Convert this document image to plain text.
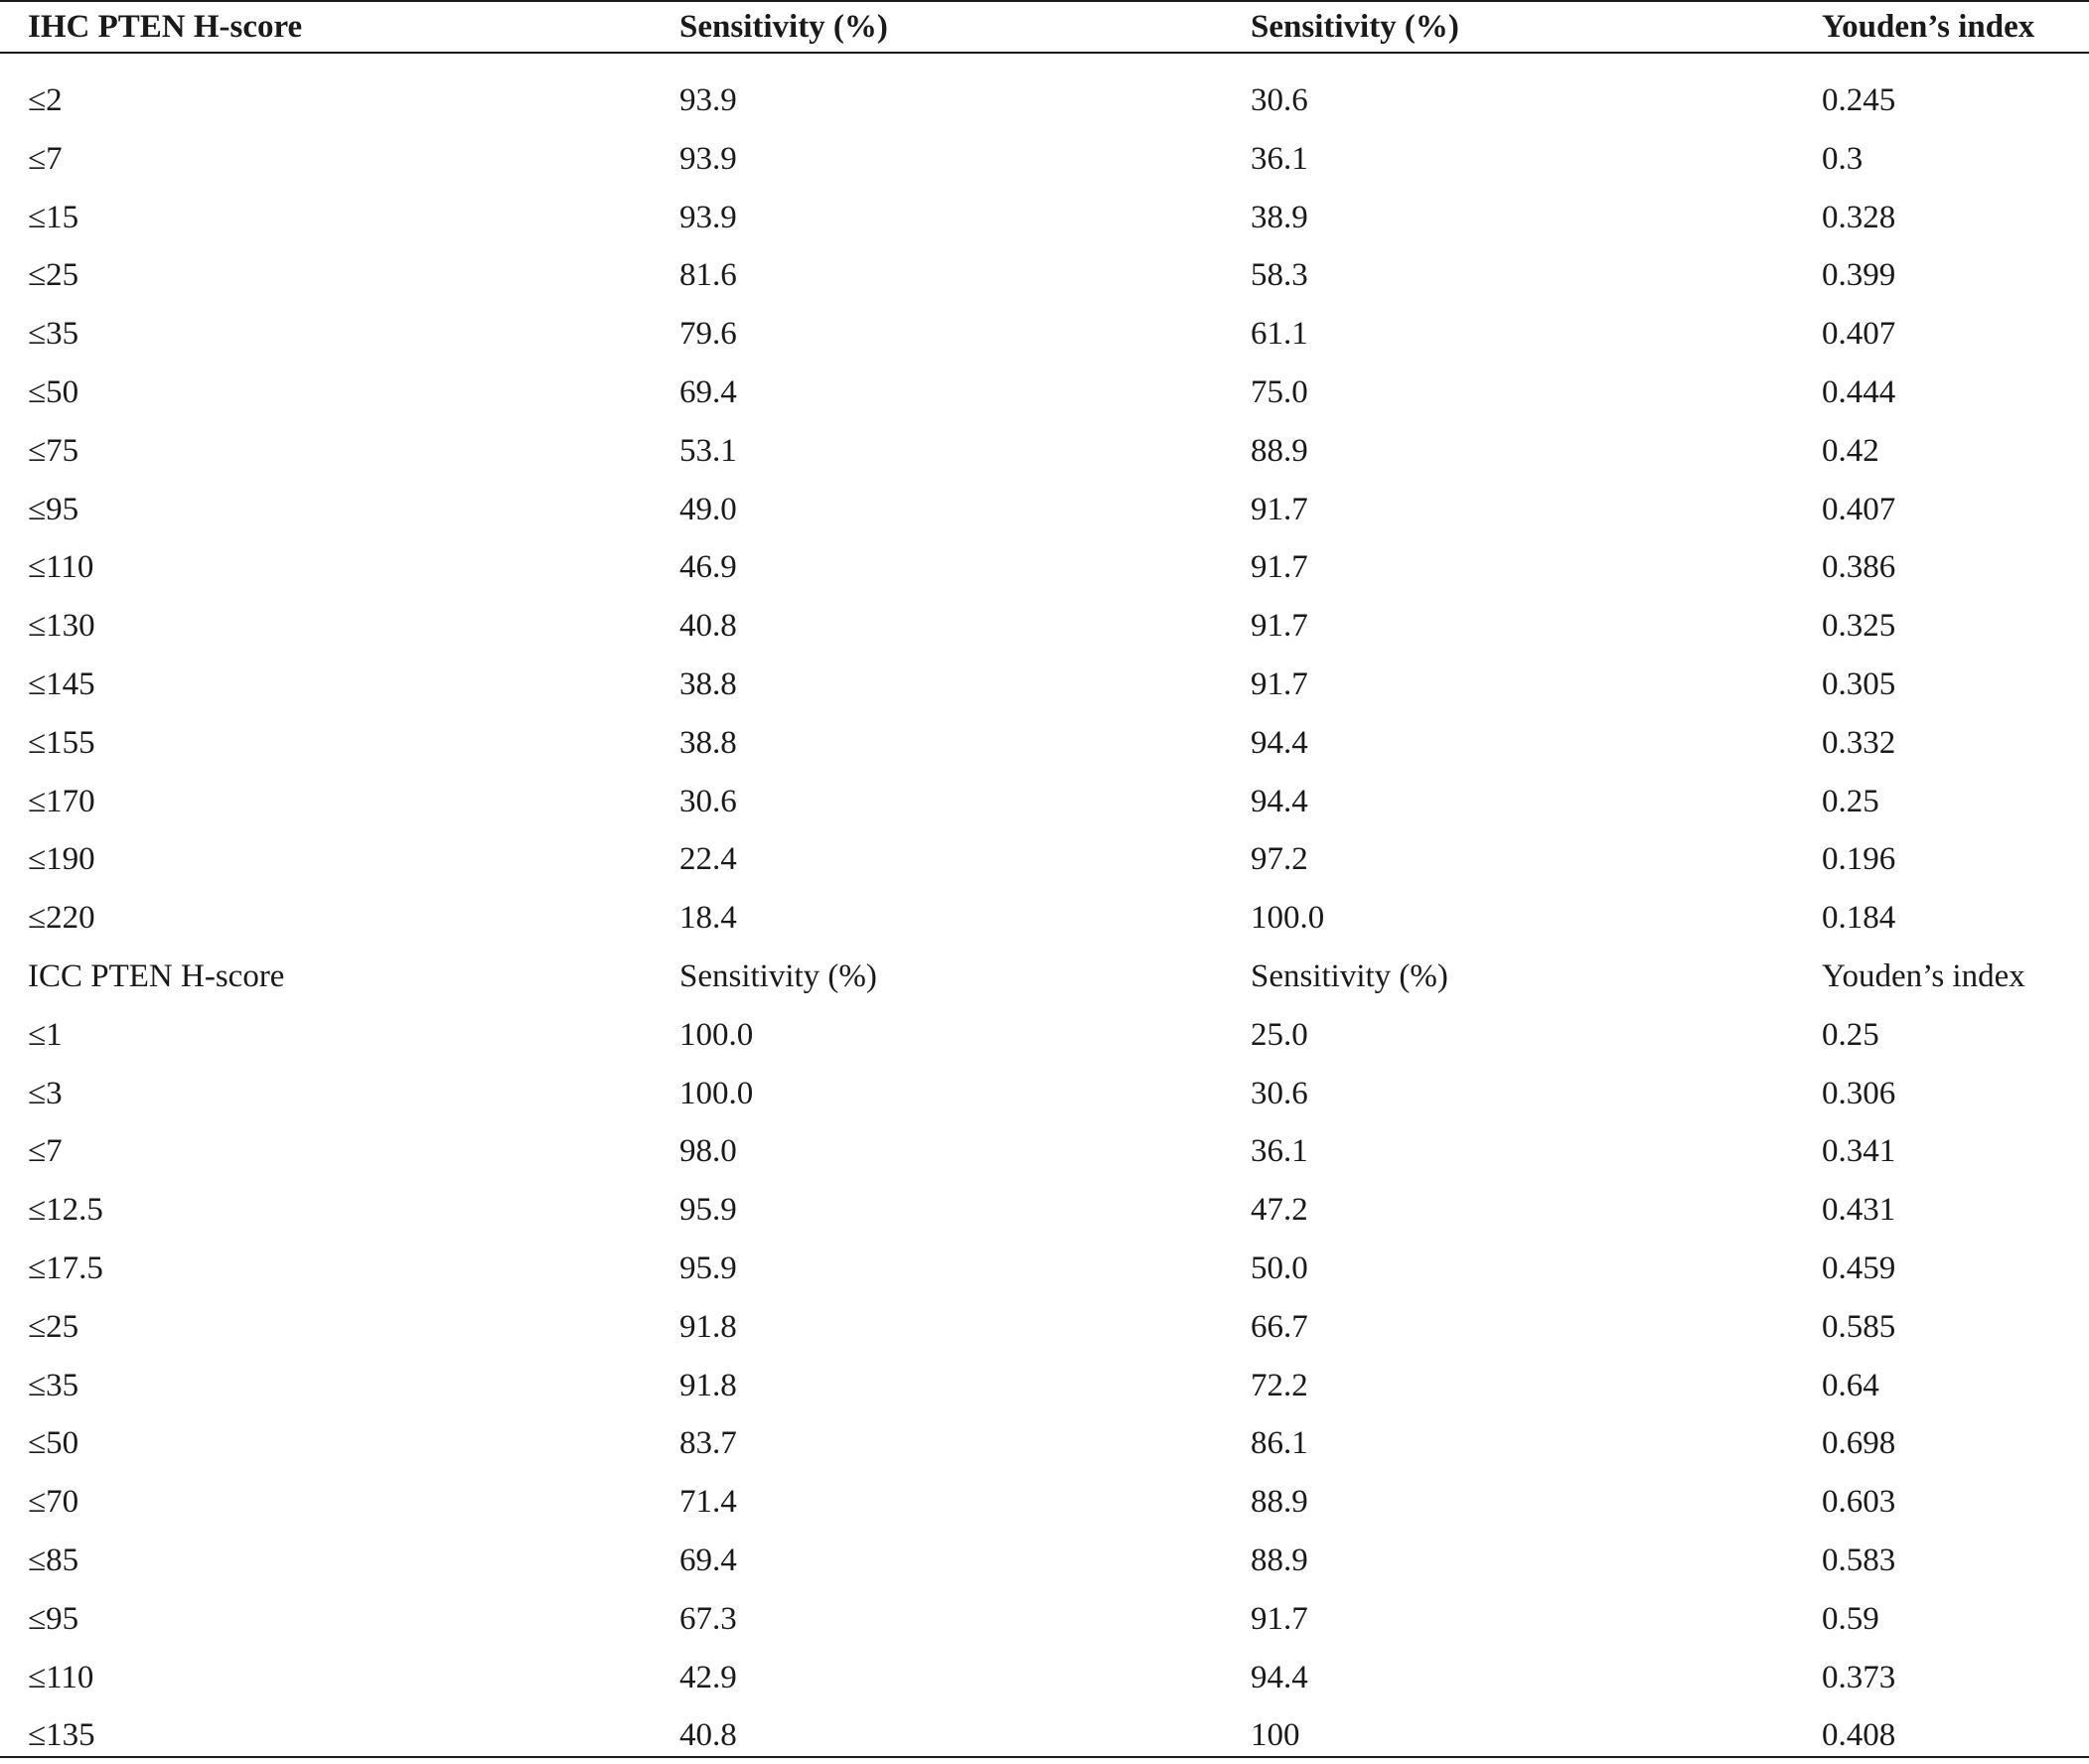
IHC PTEN H-score	Sensitivity (%)	Sensitivity (%)	Youden’s index
≤2	93.9	30.6	0.245
≤7	93.9	36.1	0.3
≤15	93.9	38.9	0.328
≤25	81.6	58.3	0.399
≤35	79.6	61.1	0.407
≤50	69.4	75.0	0.444
≤75	53.1	88.9	0.42
≤95	49.0	91.7	0.407
≤110	46.9	91.7	0.386
≤130	40.8	91.7	0.325
≤145	38.8	91.7	0.305
≤155	38.8	94.4	0.332
≤170	30.6	94.4	0.25
≤190	22.4	97.2	0.196
≤220	18.4	100.0	0.184
ICC PTEN H-score	Sensitivity (%)	Sensitivity (%)	Youden’s index
≤1	100.0	25.0	0.25
≤3	100.0	30.6	0.306
≤7	98.0	36.1	0.341
≤12.5	95.9	47.2	0.431
≤17.5	95.9	50.0	0.459
≤25	91.8	66.7	0.585
≤35	91.8	72.2	0.64
≤50	83.7	86.1	0.698
≤70	71.4	88.9	0.603
≤85	69.4	88.9	0.583
≤95	67.3	91.7	0.59
≤110	42.9	94.4	0.373
≤135	40.8	100	0.408
